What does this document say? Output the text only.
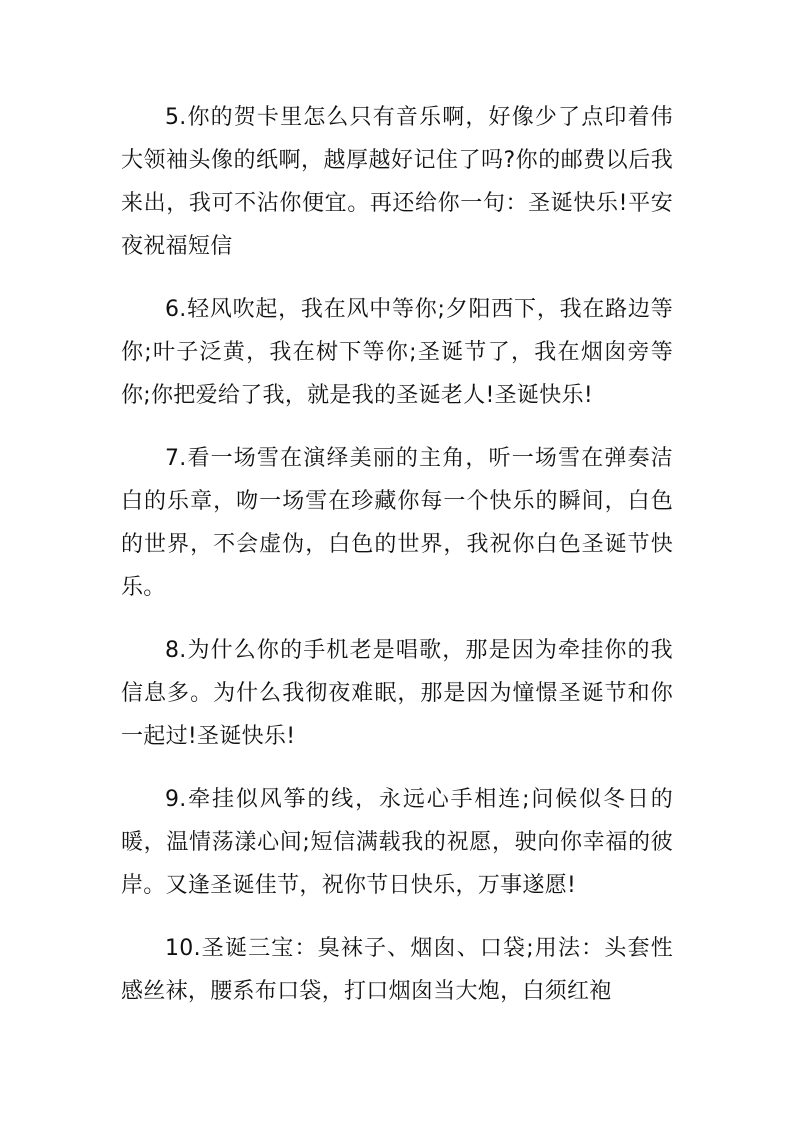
5.你的贺卡里怎么只有音乐啊，好像少了点印着伟大领袖头像的纸啊，越厚越好记住了吗?你的邮费以后我来出，我可不沾你便宜。再还给你一句：圣诞快乐!平安夜祝福短信

6.轻风吹起，我在风中等你;夕阳西下，我在路边等你;叶子泛黄，我在树下等你;圣诞节了，我在烟囱旁等你;你把爱给了我，就是我的圣诞老人!圣诞快乐!

7.看一场雪在演绎美丽的主角，听一场雪在弹奏洁白的乐章，吻一场雪在珍藏你每一个快乐的瞬间，白色的世界，不会虚伪，白色的世界，我祝你白色圣诞节快乐。

8.为什么你的手机老是唱歌，那是因为牵挂你的我信息多。为什么我彻夜难眠，那是因为憧憬圣诞节和你一起过!圣诞快乐!

9.牵挂似风筝的线，永远心手相连;问候似冬日的暖，温情荡漾心间;短信满载我的祝愿，驶向你幸福的彼岸。又逢圣诞佳节，祝你节日快乐，万事遂愿!

10.圣诞三宝：臭袜子、烟囱、口袋;用法：头套性感丝袜，腰系布口袋，打口烟囱当大炮，白须红袍
